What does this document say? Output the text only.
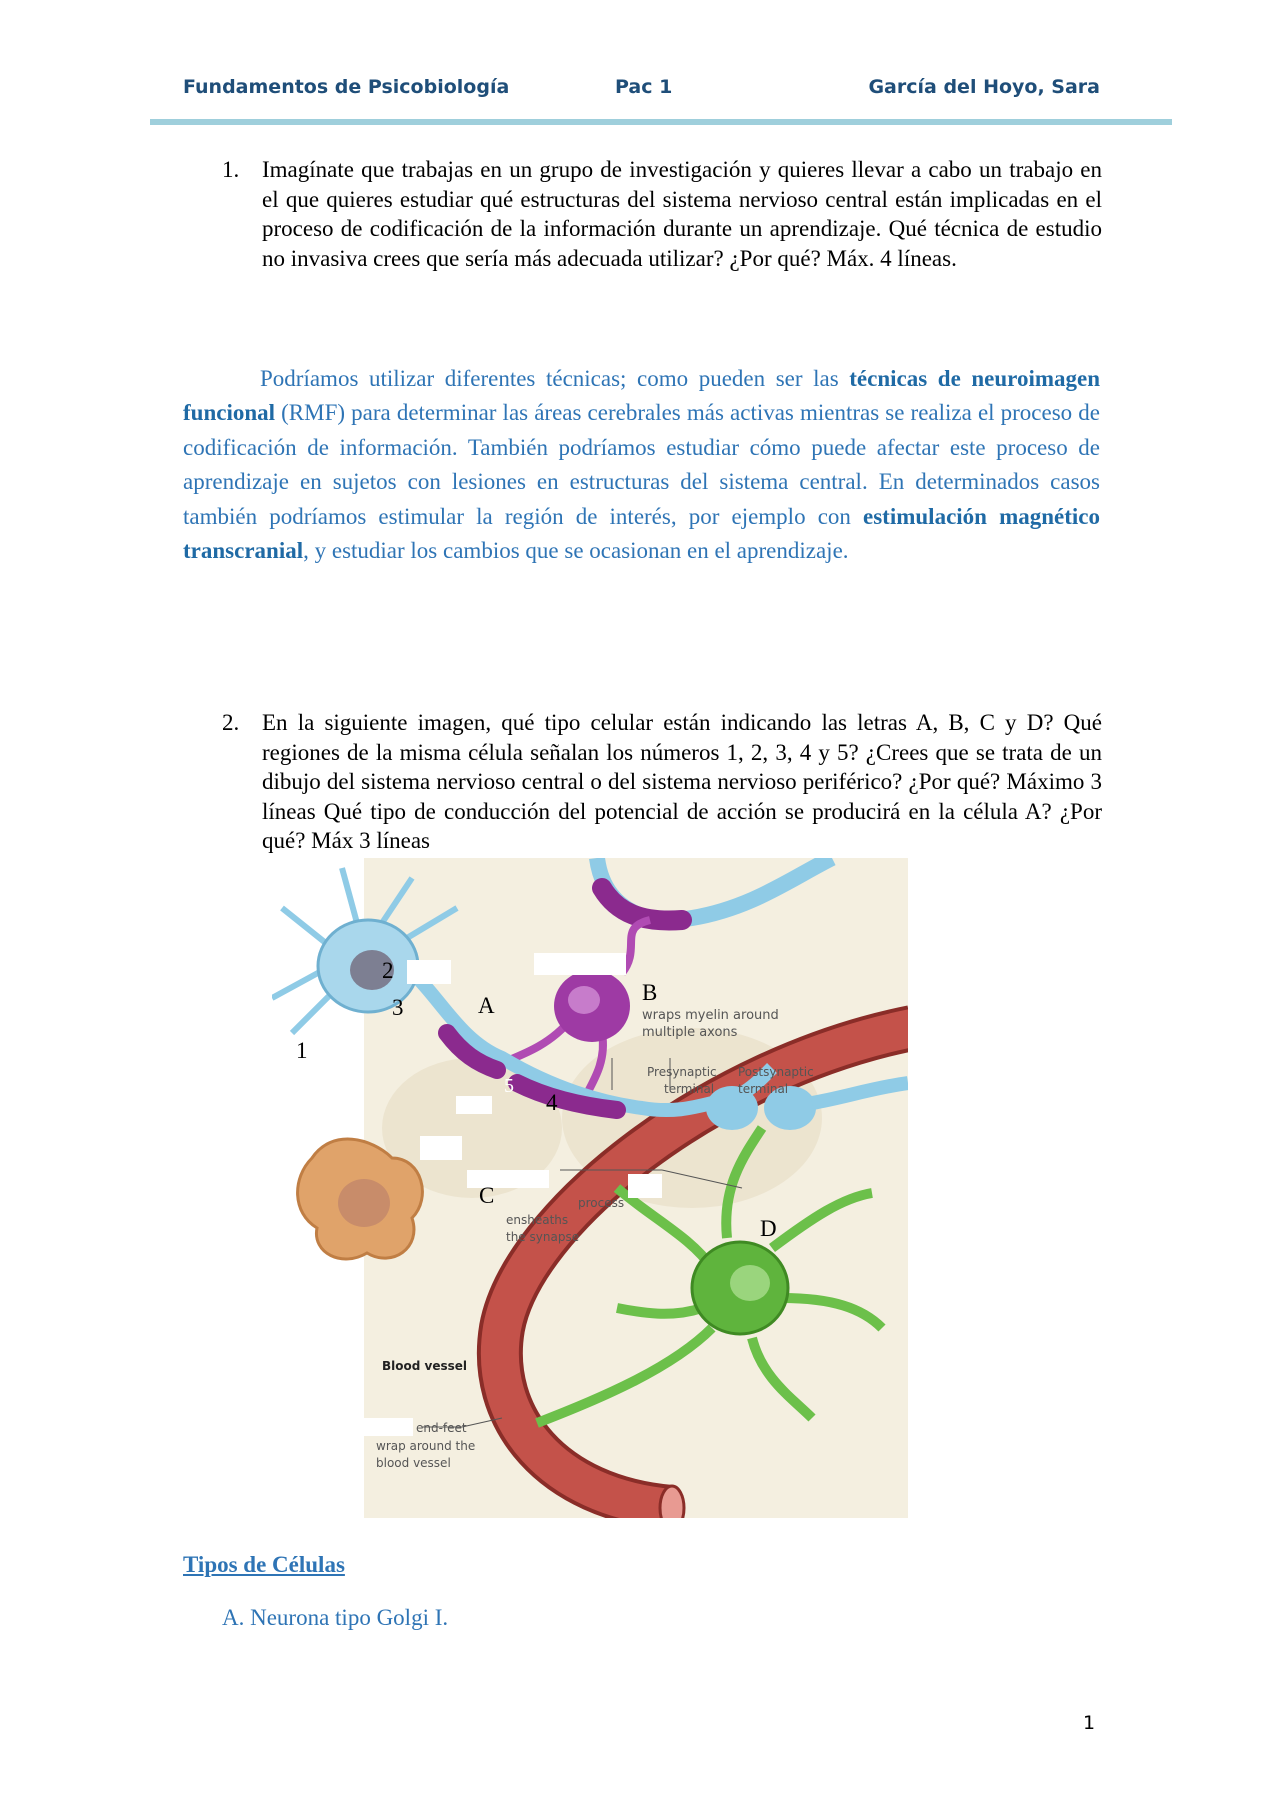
Fundamentos de Psicobiología	Pac 1	García del Hoyo, Sara
1. Imagínate que trabajas en un grupo de investigación y quieres llevar a cabo un trabajo en el que quieres estudiar qué estructuras del sistema nervioso central están implicadas en el proceso de codificación de la información durante un aprendizaje. Qué técnica de estudio no invasiva crees que sería más adecuada utilizar? ¿Por qué? Máx. 4 líneas.
Podríamos utilizar diferentes técnicas; como pueden ser las técnicas de neuroimagen funcional (RMF) para determinar las áreas cerebrales más activas mientras se realiza el proceso de codificación de información. También podríamos estudiar cómo puede afectar este proceso de aprendizaje en sujetos con lesiones en estructuras del sistema central. En determinados casos también podríamos estimular la región de interés, por ejemplo con estimulación magnético transcranial, y estudiar los cambios que se ocasionan en el aprendizaje.
2. En la siguiente imagen, qué tipo celular están indicando las letras A, B, C y D? Qué regiones de la misma célula señalan los números 1, 2, 3, 4 y 5? ¿Crees que se trata de un dibujo del sistema nervioso central o del sistema nervioso periférico? ¿Por qué? Máximo 3 líneas Qué tipo de conducción del potencial de acción se producirá en la célula A? ¿Por qué? Máx 3 líneas
2
3
1
5
4
A
B
C
D
wraps myelin around
multiple axons
Presynaptic
terminal
Postsynaptic
terminal
process
ensheaths
the synapse
Blood vessel
end-feet
wrap around the
blood vessel
Tipos de Células
A. Neurona tipo Golgi I.
1
